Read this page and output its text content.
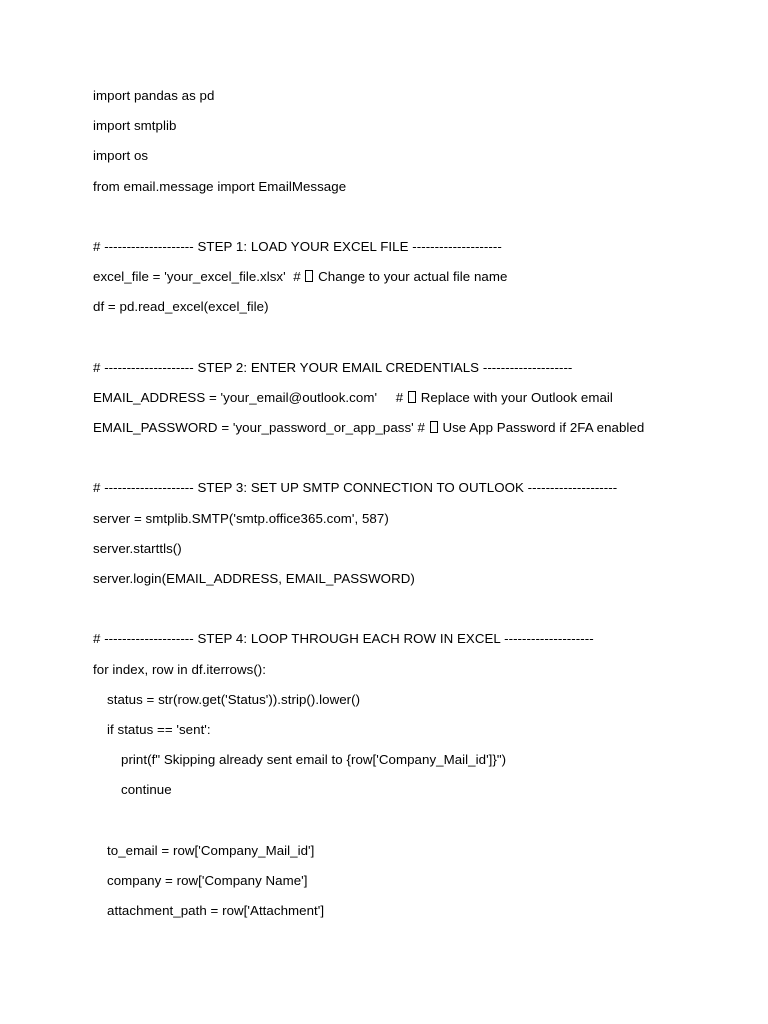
import pandas as pd
import smtplib
import os
from email.message import EmailMessage
# -------------------- STEP 1: LOAD YOUR EXCEL FILE --------------------
excel_file = 'your_excel_file.xlsx'  #  Change to your actual file name
df = pd.read_excel(excel_file)
# -------------------- STEP 2: ENTER YOUR EMAIL CREDENTIALS --------------------
EMAIL_ADDRESS = 'your_email@outlook.com'     #  Replace with your Outlook email
EMAIL_PASSWORD = 'your_password_or_app_pass' #  Use App Password if 2FA enabled
# -------------------- STEP 3: SET UP SMTP CONNECTION TO OUTLOOK --------------------
server = smtplib.SMTP('smtp.office365.com', 587)
server.starttls()
server.login(EMAIL_ADDRESS, EMAIL_PASSWORD)
# -------------------- STEP 4: LOOP THROUGH EACH ROW IN EXCEL --------------------
for index, row in df.iterrows():
status = str(row.get('Status')).strip().lower()
if status == 'sent':
print(f" Skipping already sent email to {row['Company_Mail_id']}")
continue
to_email = row['Company_Mail_id']
company = row['Company Name']
attachment_path = row['Attachment']
